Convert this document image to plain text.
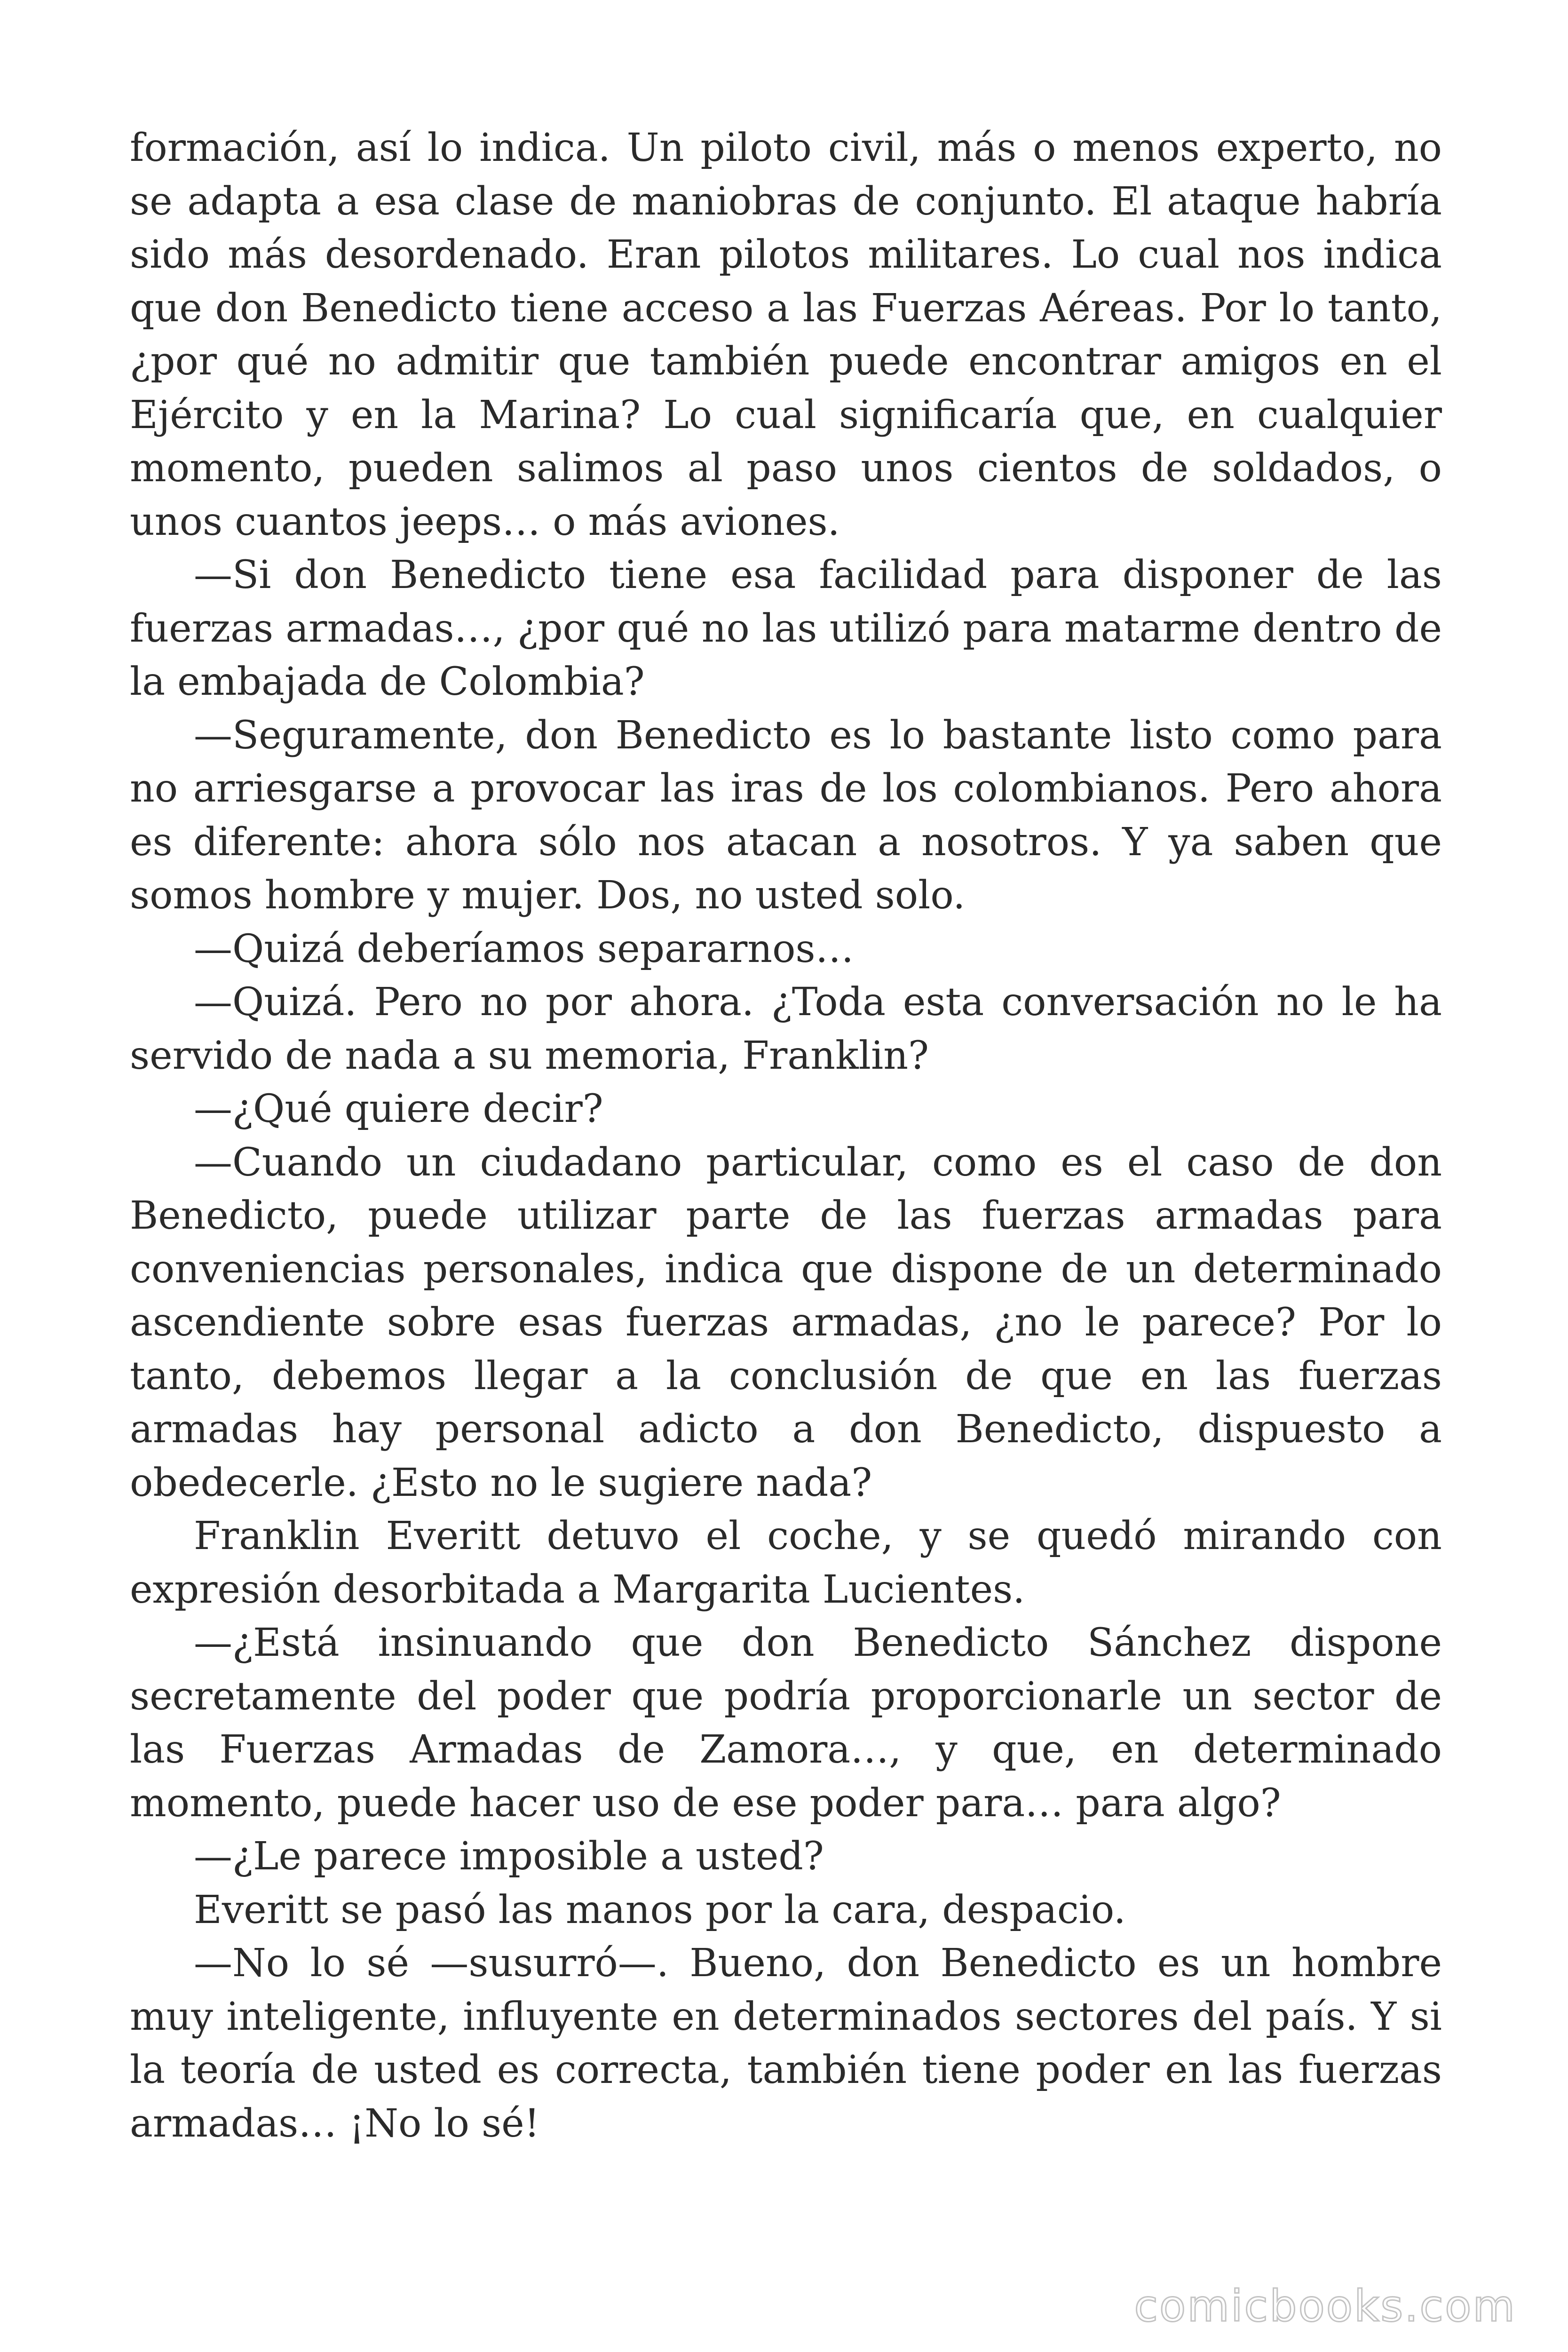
formación, así lo indica. Un piloto civil, más o menos experto, no se adapta a esa clase de maniobras de conjunto. El ataque habría sido más desordenado. Eran pilotos militares. Lo cual nos indica que don Benedicto tiene acceso a las Fuerzas Aéreas. Por lo tanto, ¿por qué no admitir que también puede encontrar amigos en el Ejército y en la Marina? Lo cual significaría que, en cualquier momento, pueden salimos al paso unos cientos de soldados, o unos cuantos jeeps… o más aviones.

—Si don Benedicto tiene esa facilidad para disponer de las fuerzas armadas…, ¿por qué no las utilizó para matarme dentro de la embajada de Colombia?

—Seguramente, don Benedicto es lo bastante listo como para no arriesgarse a provocar las iras de los colombianos. Pero ahora es diferente: ahora sólo nos atacan a nosotros. Y ya saben que somos hombre y mujer. Dos, no usted solo.

—Quizá deberíamos separarnos…

—Quizá. Pero no por ahora. ¿Toda esta conversación no le ha servido de nada a su memoria, Franklin?

—¿Qué quiere decir?

—Cuando un ciudadano particular, como es el caso de don Benedicto, puede utilizar parte de las fuerzas armadas para conveniencias personales, indica que dispone de un determinado ascendiente sobre esas fuerzas armadas, ¿no le parece? Por lo tanto, debemos llegar a la conclusión de que en las fuerzas armadas hay personal adicto a don Benedicto, dispuesto a obedecerle. ¿Esto no le sugiere nada?

Franklin Everitt detuvo el coche, y se quedó mirando con expresión desorbitada a Margarita Lucientes.

—¿Está insinuando que don Benedicto Sánchez dispone secretamente del poder que podría proporcionarle un sector de las Fuerzas Armadas de Zamora…, y que, en determinado momento, puede hacer uso de ese poder para… para algo?

—¿Le parece imposible a usted?

Everitt se pasó las manos por la cara, despacio.

—No lo sé —susurró—. Bueno, don Benedicto es un hombre muy inteligente, influyente en determinados sectores del país. Y si la teoría de usted es correcta, también tiene poder en las fuerzas armadas… ¡No lo sé!

comicbooks.com
